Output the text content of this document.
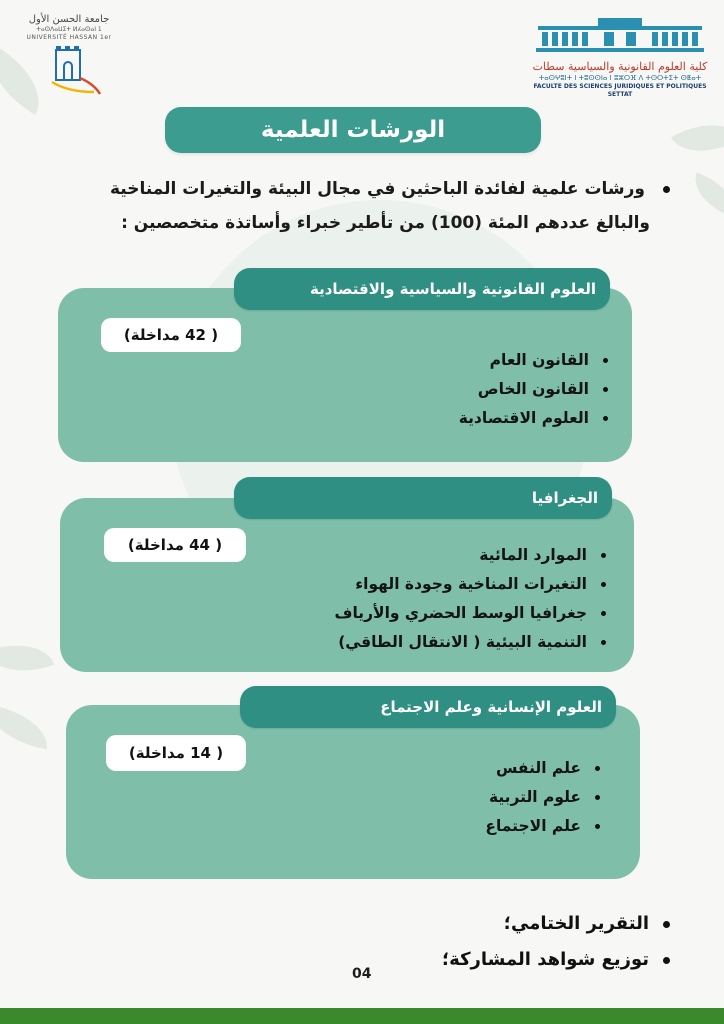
جامعة الحسن الأول
ⵜⴰⵙⴷⴰⵡⵉⵜ ⵍⵃⴰⵙⴰⵏ 1
UNIVERSITÉ HASSAN 1er
كلية العلوم القانونية والسياسية سطات
ⵜⴰⵙⵖⵓⵏⵜ ⵏ ⵜⵓⵙⵙⵏⴰ ⵏ ⵓⵣⵔⴼ ⴷ ⵜⵙⵔⵜⵉⵜ ⵙⵟⴰⵜ
FACULTE DES SCIENCES JURIDIQUES ET POLITIQUES SETTAT
الورشات العلمية
ورشات علمية لفائدة الباحثين في مجال البيئة والتغيرات المناخية
والبالغ عددهم المئة (100) من تأطير خبراء وأساتذة متخصصين :
العلوم القانونية والسياسية والاقتصادية
( 42 مداخلة)
القانون العام
القانون الخاص
العلوم الاقتصادية
الجغرافيا
( 44 مداخلة)
الموارد المائية
التغيرات المناخية وجودة الهواء
جغرافيا الوسط الحضري والأرياف
التنمية البيئية ( الانتقال الطاقي)
العلوم الإنسانية وعلم الاجتماع
( 14 مداخلة)
علم النفس
علوم التربية
علم الاجتماع
التقرير الختامي؛
توزيع شواهد المشاركة؛
04
